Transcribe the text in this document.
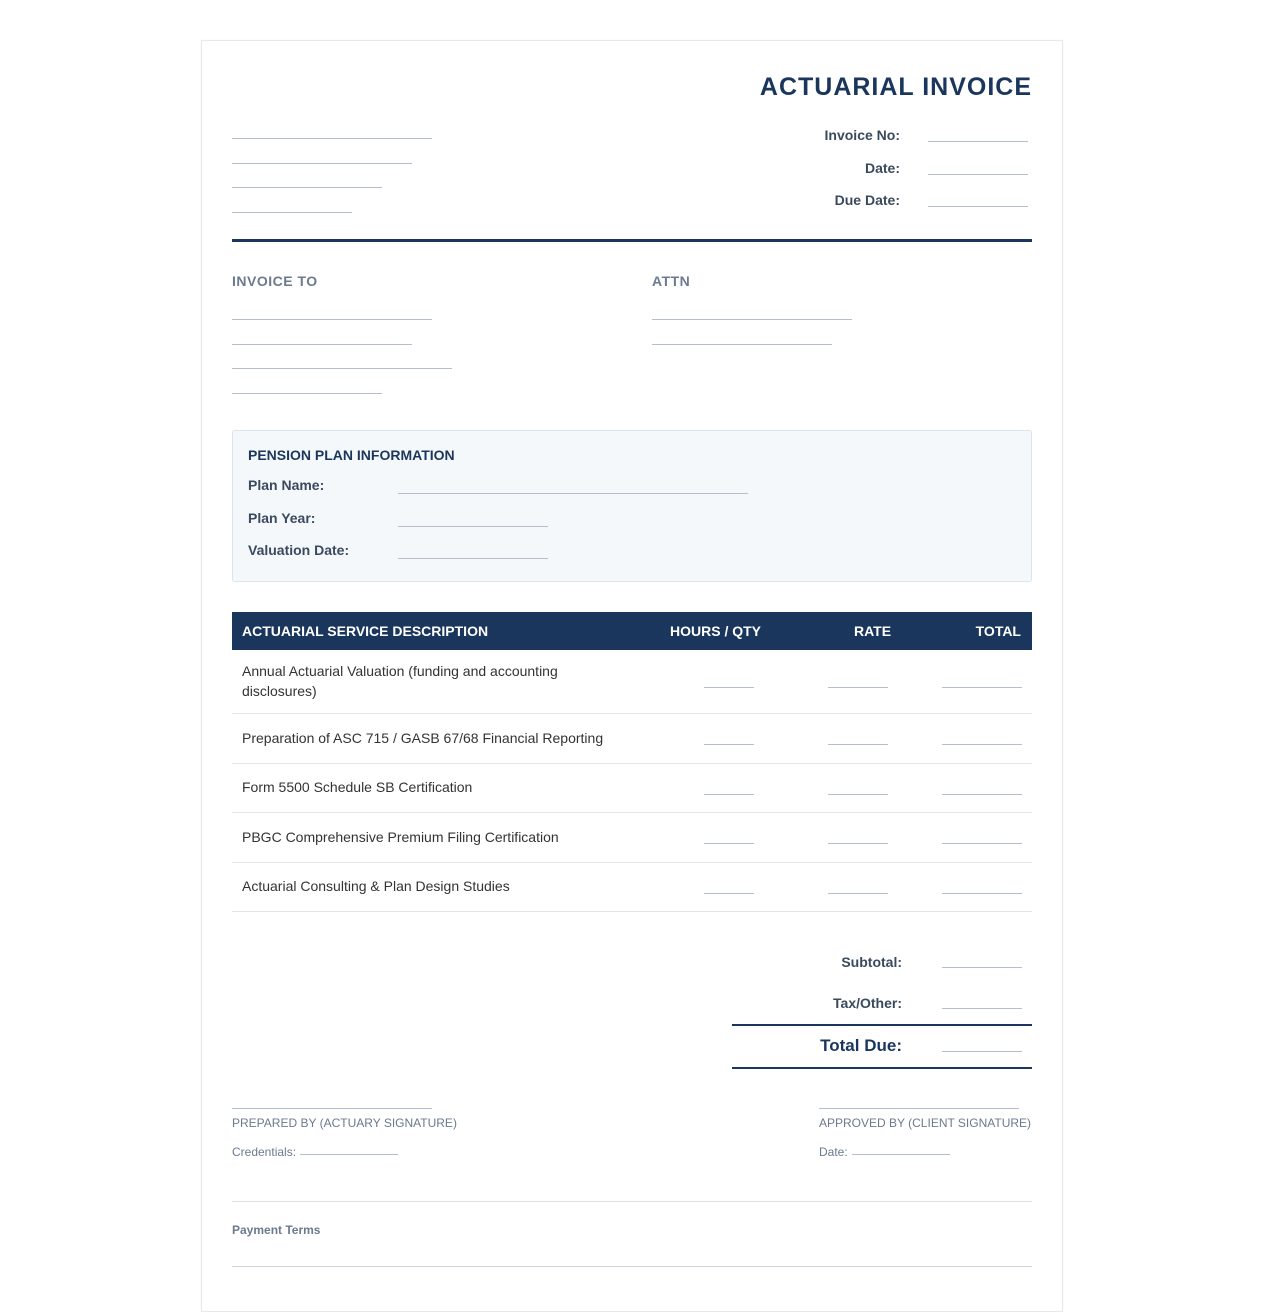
ACTUARIAL INVOICE
Invoice No:
Date:
Due Date:
INVOICE TO	ATTN
PENSION PLAN INFORMATION
Plan Name:
Plan Year:
Valuation Date:
ACTUARIAL SERVICE DESCRIPTION	HOURS / QTY	RATE	TOTAL
Annual Actuarial Valuation (funding and accounting disclosures)
Preparation of ASC 715 / GASB 67/68 Financial Reporting
Form 5500 Schedule SB Certification
PBGC Comprehensive Premium Filing Certification
Actuarial Consulting & Plan Design Studies
Subtotal:
Tax/Other:
Total Due:
PREPARED BY (ACTUARY SIGNATURE)
Credentials:
APPROVED BY (CLIENT SIGNATURE)
Date:
Payment Terms
